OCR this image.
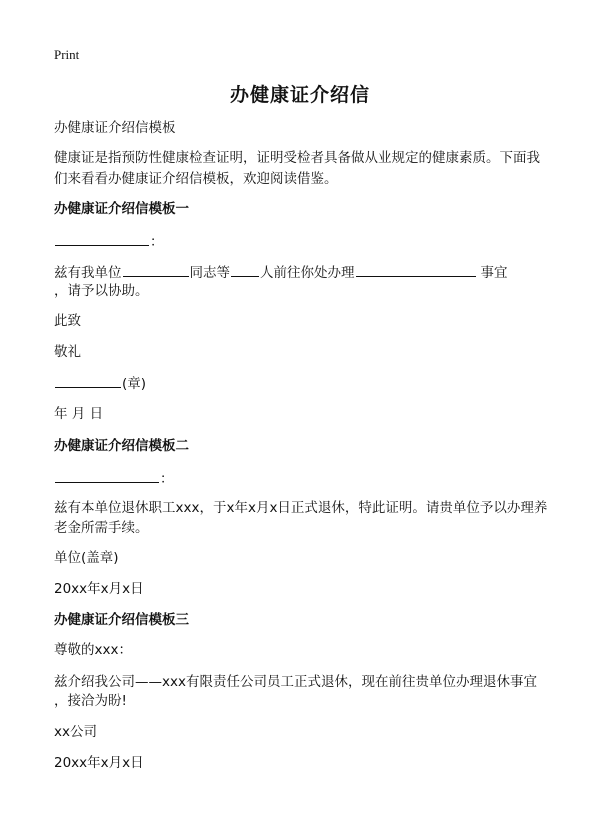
Print
办健康证介绍信
办健康证介绍信模板
健康证是指预防性健康检查证明，证明受检者具备做从业规定的健康素质。下面我
们来看看办健康证介绍信模板，欢迎阅读借鉴。
办健康证介绍信模板一
：
兹有我单位	同志等 人前往你处办理	事宜
，请予以协助。
此致
敬礼
(章)
年 月 日
办健康证介绍信模板二
：
兹有本单位退休职工xxx，于x年x月x日正式退休，特此证明。请贵单位予以办理养
老金所需手续。
单位(盖章)
20xx年x月x日
办健康证介绍信模板三
尊敬的xxx：
兹介绍我公司——xxx有限责任公司员工正式退休，现在前往贵单位办理退休事宜
，接洽为盼!
xx公司
20xx年x月x日
